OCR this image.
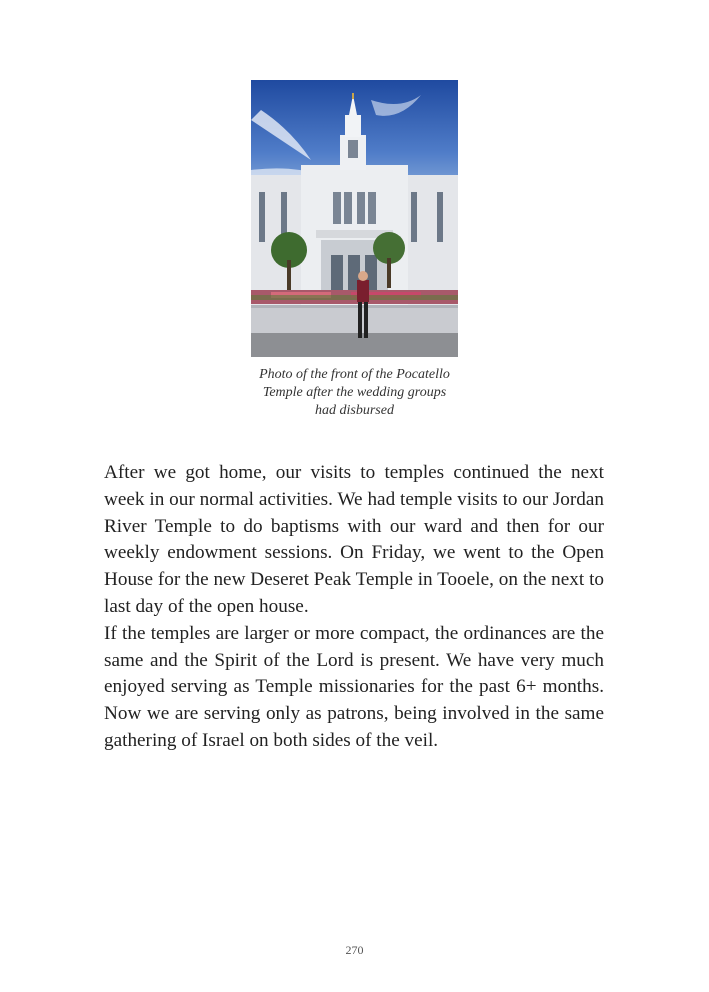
Photo of the front of the Pocatello
Temple after the wedding groups
had disbursed

After we got home, our visits to temples continued the next week in our normal activities. We had temple visits to our Jordan River Temple to do baptisms with our ward and then for our weekly endowment sessions. On Friday, we went to the Open House for the new Deseret Peak Temple in Tooele, on the next to last day of the open house.

If the temples are larger or more compact, the ordinances are the same and the Spirit of the Lord is present. We have very much enjoyed serving as Temple missionaries for the past 6+ months. Now we are serving only as patrons, being involved in the same gathering of Israel on both sides of the veil.

270
